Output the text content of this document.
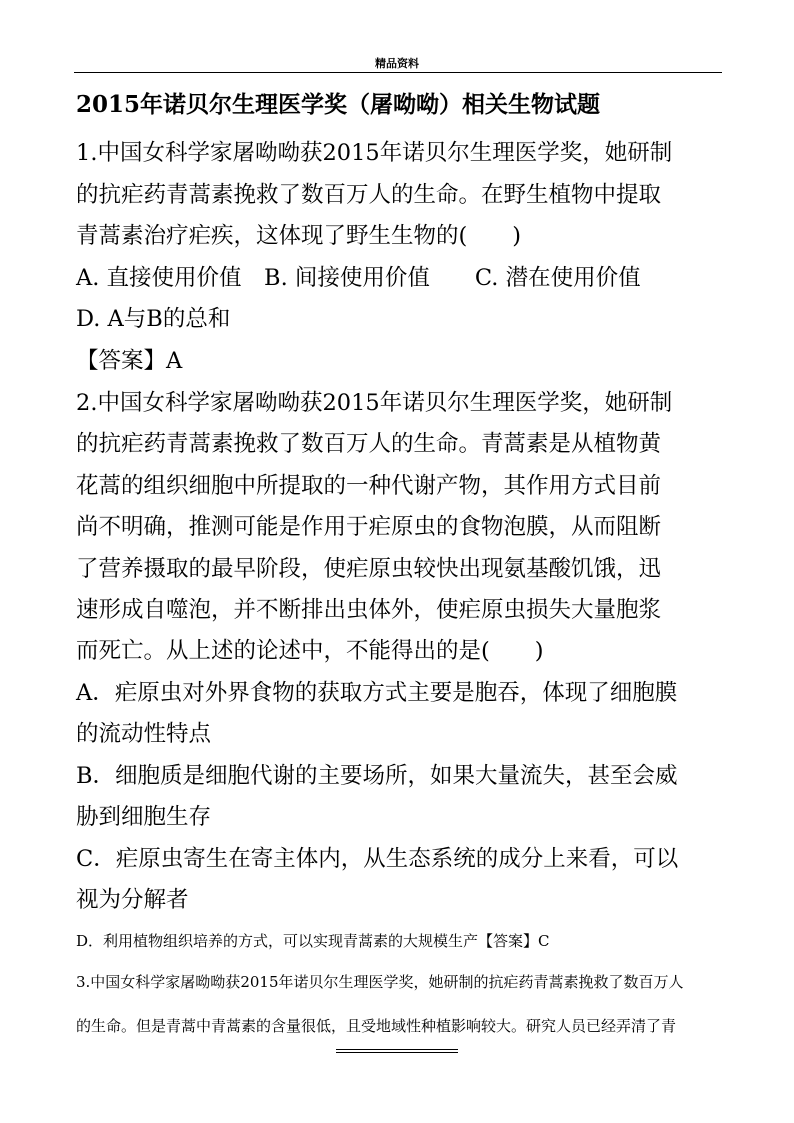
精品资料
2015年诺贝尔生理医学奖（屠呦呦）相关生物试题
1.中国女科学家屠呦呦获2015年诺贝尔生理医学奖，她研制
的抗疟药青蒿素挽救了数百万人的生命。在野生植物中提取
青蒿素治疗疟疾，这体现了野生生物的(　　)
A. 直接使用价值　B. 间接使用价值　　C. 潜在使用价值
D. A与B的总和
【答案】A
2.中国女科学家屠呦呦获2015年诺贝尔生理医学奖，她研制
的抗疟药青蒿素挽救了数百万人的生命。青蒿素是从植物黄
花蒿的组织细胞中所提取的一种代谢产物，其作用方式目前
尚不明确，推测可能是作用于疟原虫的食物泡膜，从而阻断
了营养摄取的最早阶段，使疟原虫较快出现氨基酸饥饿，迅
速形成自噬泡，并不断排出虫体外，使疟原虫损失大量胞浆
而死亡。从上述的论述中，不能得出的是(　　)
A．疟原虫对外界食物的获取方式主要是胞吞，体现了细胞膜
的流动性特点
B．细胞质是细胞代谢的主要场所，如果大量流失，甚至会威
胁到细胞生存
C．疟原虫寄生在寄主体内，从生态系统的成分上来看，可以
视为分解者
D．利用植物组织培养的方式，可以实现青蒿素的大规模生产【答案】C
3.中国女科学家屠呦呦获2015年诺贝尔生理医学奖，她研制的抗疟药青蒿素挽救了数百万人
的生命。但是青蒿中青蒿素的含量很低，且受地域性种植影响较大。研究人员已经弄清了青
